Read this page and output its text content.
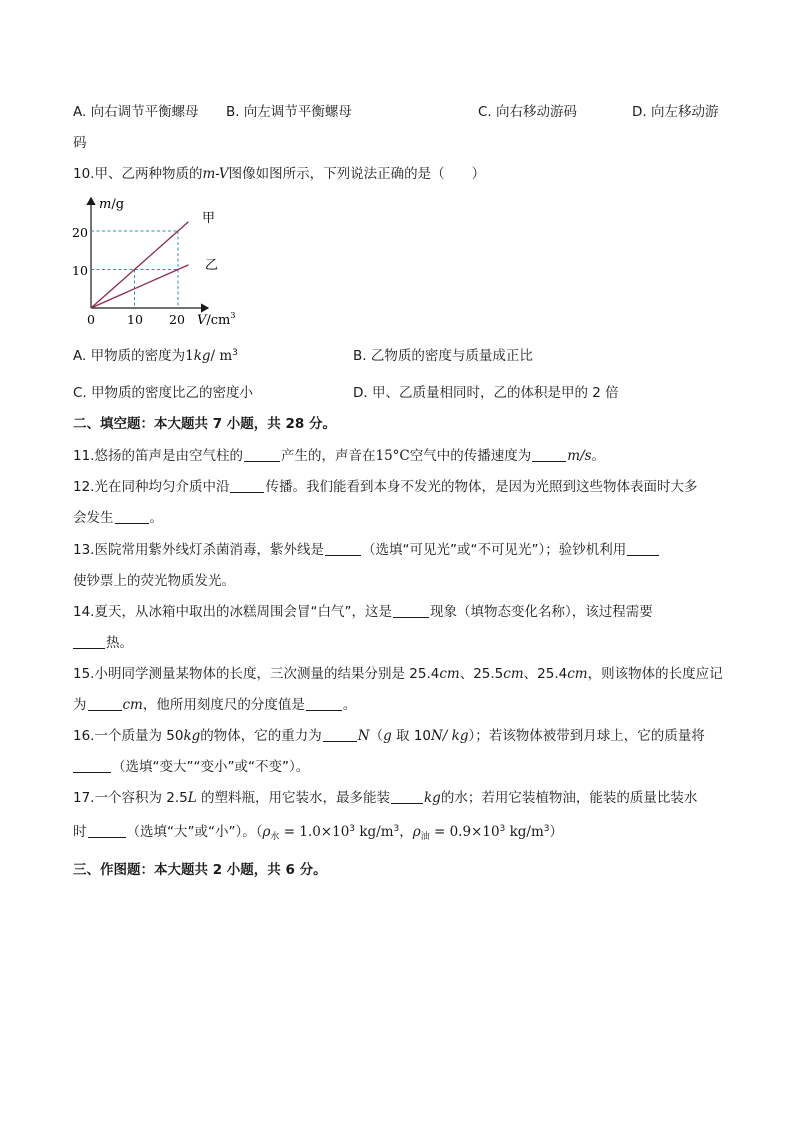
A. 向右调节平衡螺母 B. 向左调节平衡螺母	C. 向右移动游码	D. 向左移动游
码
10.甲、乙两种物质的m-V图像如图所示，下列说法正确的是（　　）
m/g
$V/cm^3$
0	10 20
10
20
甲
乙
A. 甲物质的密度为1kg/ $m^3$	B. 乙物质的密度与质量成正比
C. 甲物质的密度比乙的密度小	D. 甲、乙质量相同时，乙的体积是甲的 2 倍
二、填空题：本大题共 7 小题，共 28 分。
11.悠扬的笛声是由空气柱的	产生的，声音在15°C空气中的传播速度为	m/s。
12.光在同种均匀介质中沿	传播。我们能看到本身不发光的物体，是因为光照到这些物体表面时大多
会发生	。
13.医院常用紫外线灯杀菌消毒，紫外线是	（选填“可见光”或“不可见光”）；验钞机利用
使钞票上的荧光物质发光。
14.夏天，从冰箱中取出的冰糕周围会冒“白气”，这是	现象（填物态变化名称），该过程需要
热。
15.小明同学测量某物体的长度，三次测量的结果分别是 25.4cm、25.5cm、25.4cm，则该物体的长度应记
为	cm，他所用刻度尺的分度值是	。
16.一个质量为 50kg的物体，它的重力为	N（g 取 10N/ kg）；若该物体被带到月球上，它的质量将
（选填“变大”“变小”或“不变”）。
17.一个容积为 2.5L 的塑料瓶，用它装水，最多能装	kg的水；若用它装植物油，能装的质量比装水
时	（选填“大”或“小”）。（$\rho_水 = 1.0\times 10^3$ $kg/m^3$，$\rho_油 = 0.9\times 10^3$ $kg/m^3$）
三、作图题：本大题共 2 小题，共 6 分。
